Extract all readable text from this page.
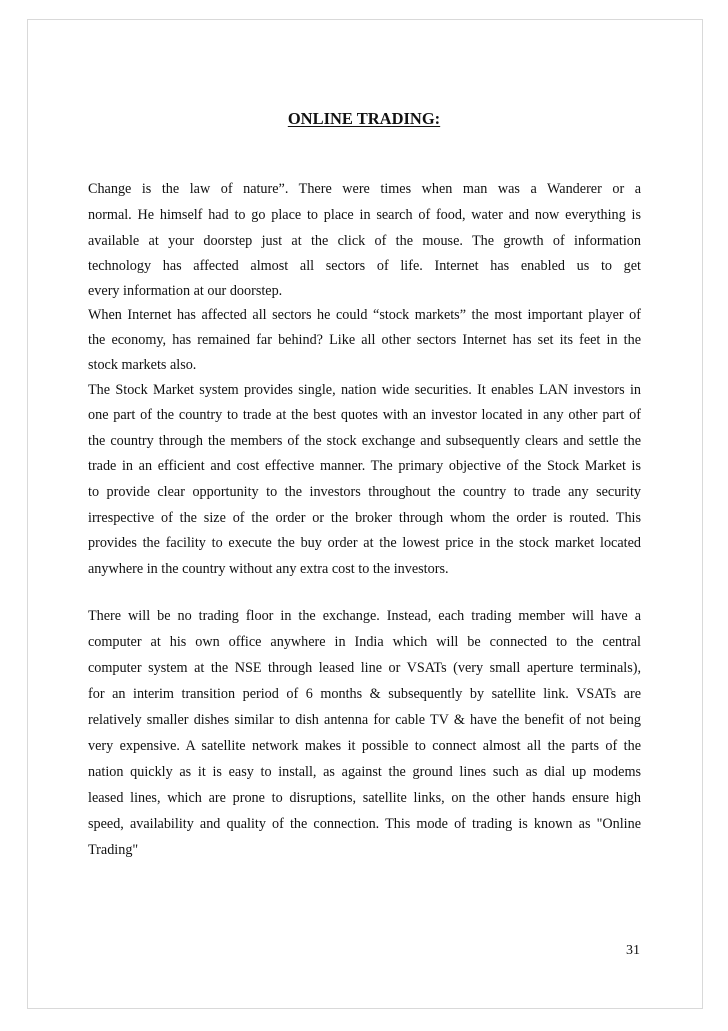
ONLINE TRADING:

Change is the law of nature”. There were times when man was a Wanderer or a

normal. He himself had to go place to place in search of food, water and now everything is

available at your doorstep just at the click of the mouse. The growth of information

technology has affected almost all sectors of life. Internet has enabled us to get

every information at our doorstep.

When Internet has affected all sectors he could “stock markets” the most important player of

the economy, has remained far behind? Like all other sectors Internet has set its feet in the

stock markets also.

The Stock Market system provides single, nation wide securities. It enables LAN investors in

one part of the country to trade at the best quotes with an investor located in any other part of

the country through the members of the stock exchange and subsequently clears and settle the

trade in an efficient and cost effective manner. The primary objective of the Stock Market is

to provide clear opportunity to the investors throughout the country to trade any security

irrespective of the size of the order or the broker through whom the order is routed. This

provides the facility to execute the buy order at the lowest price in the stock market located

anywhere in the country without any extra cost to the investors.

There will be no trading floor in the exchange. Instead, each trading member will have a

computer at his own office anywhere in India which will be connected to the central

computer system at the NSE through leased line or VSATs (very small aperture terminals),

for an interim transition period of 6 months & subsequently by satellite link. VSATs are

relatively smaller dishes similar to dish antenna for cable TV & have the benefit of not being

very expensive. A satellite network makes it possible to connect almost all the parts of the

nation quickly as it is easy to install, as against the ground lines such as dial up modems

leased lines, which are prone to disruptions, satellite links, on the other hands ensure high

speed, availability and quality of the connection. This mode of trading is known as "Online

Trading"

31
